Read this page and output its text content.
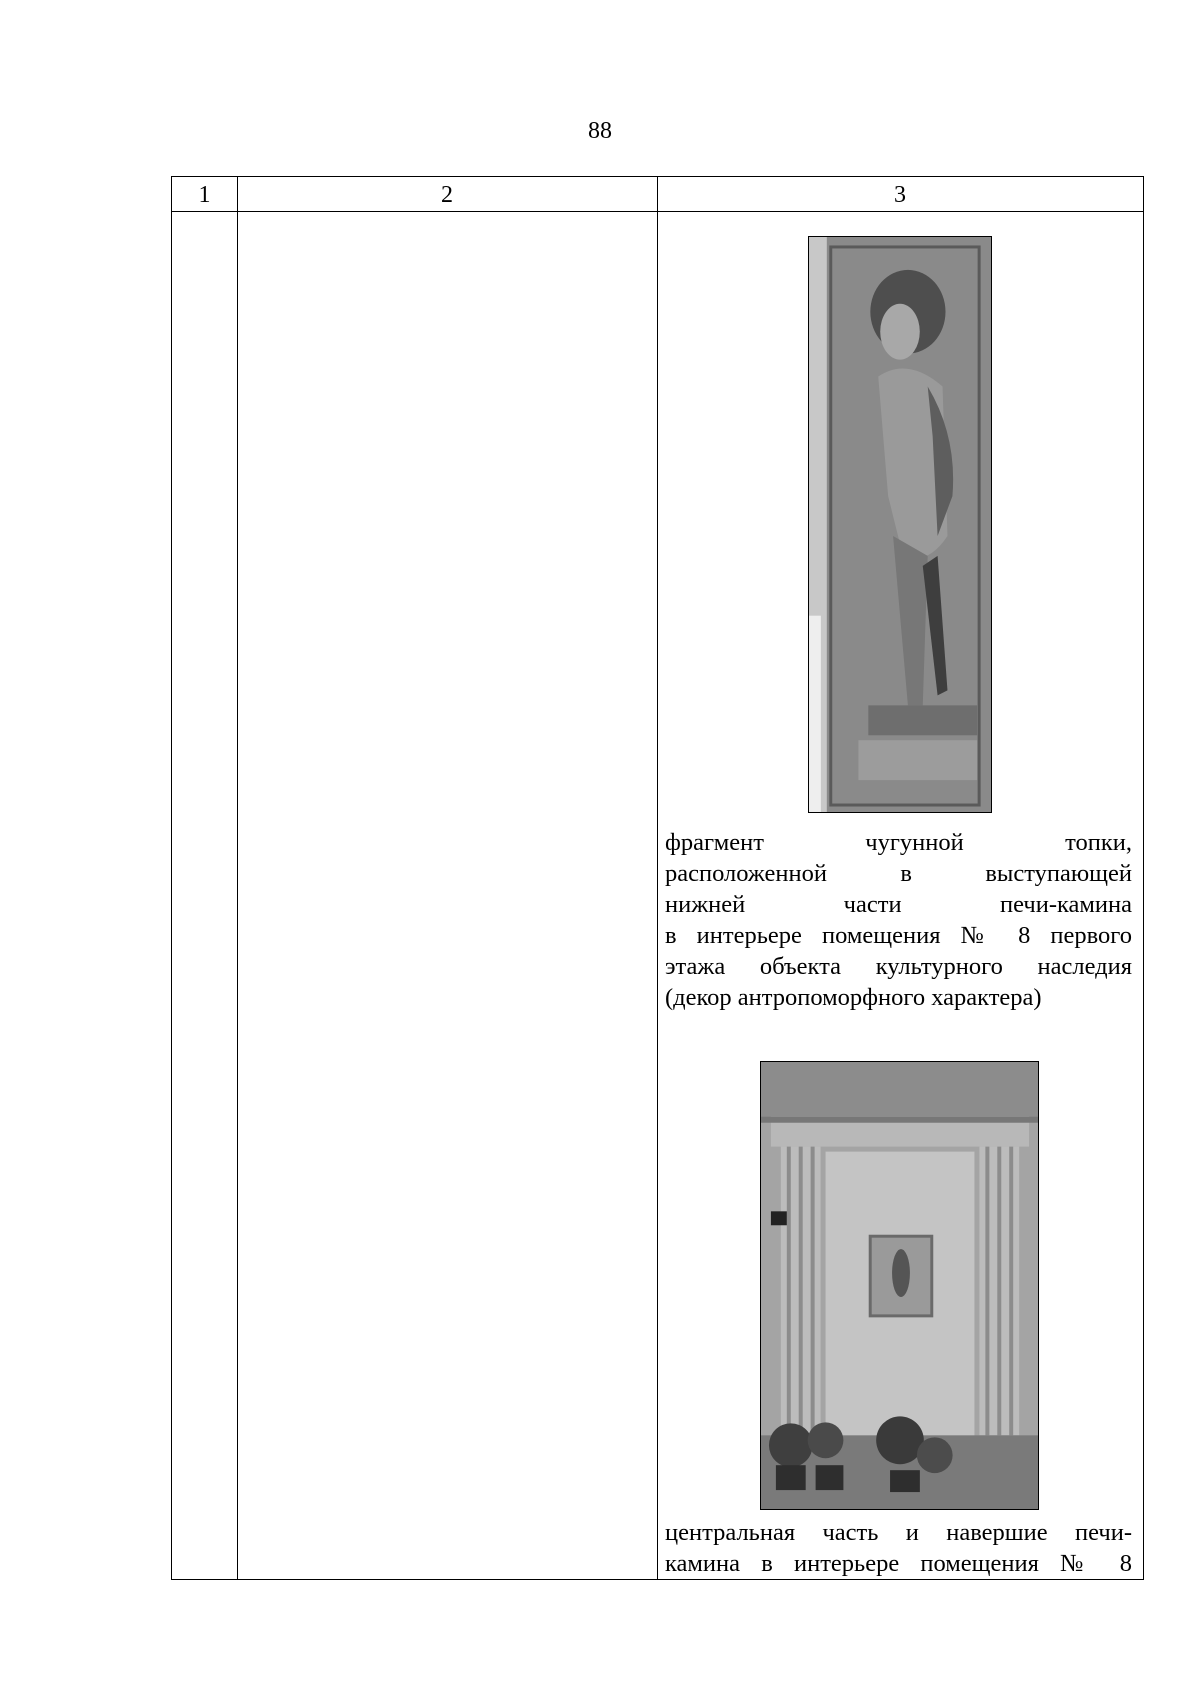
88
1	2	3
фрагмент чугунной топки,
расположенной в выступающей
нижней части печи-камина
в интерьере помещения № 8 первого
этажа объекта культурного наследия
(декор антропоморфного характера)
центральная часть и навершие печи-
камина в интерьере помещения № 8
